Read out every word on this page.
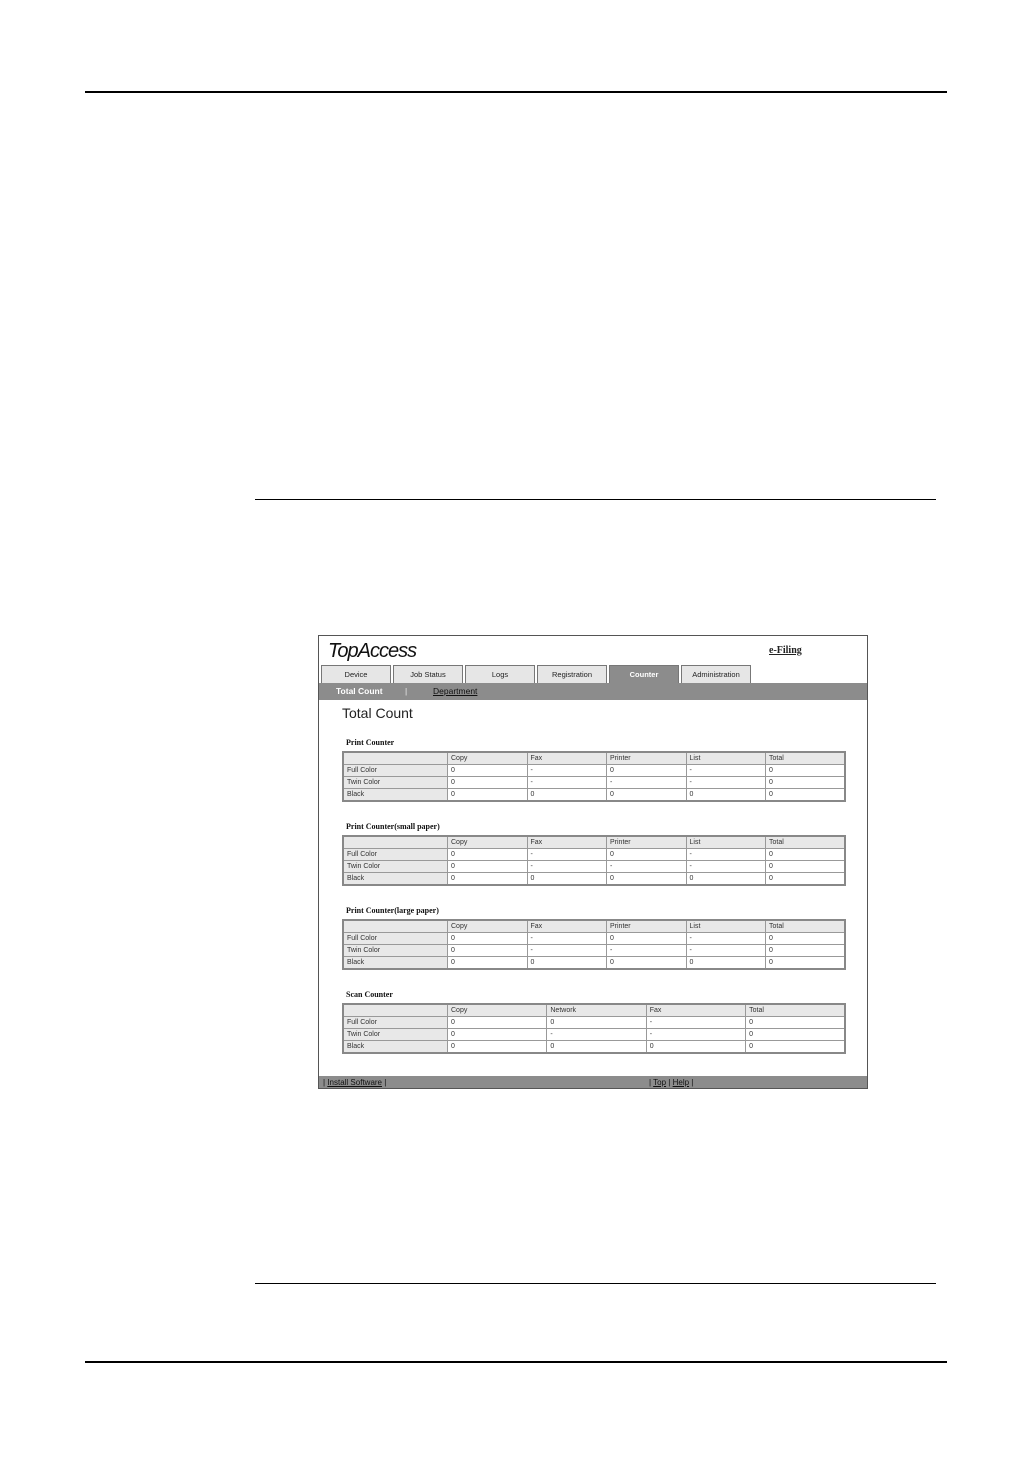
TopAccess	e-Filing
Device	Job Status	Logs	Registration	Counter	Administration
Total Count	|	Department
Total Count
Print Counter
	Copy	Fax	Printer	List	Total
Full Color	0	-	0	-	0
Twin Color	0	-	-	-	0
Black	0	0	0	0	0
Print Counter(small paper)
	Copy	Fax	Printer	List	Total
Full Color	0	-	0	-	0
Twin Color	0	-	-	-	0
Black	0	0	0	0	0
Print Counter(large paper)
	Copy	Fax	Printer	List	Total
Full Color	0	-	0	-	0
Twin Color	0	-	-	-	0
Black	0	0	0	0	0
Scan Counter
	Copy	Network	Fax	Total
Full Color	0	0	-	0
Twin Color	0	-	-	0
Black	0	0	0	0
| Install Software |	| Top | Help |
